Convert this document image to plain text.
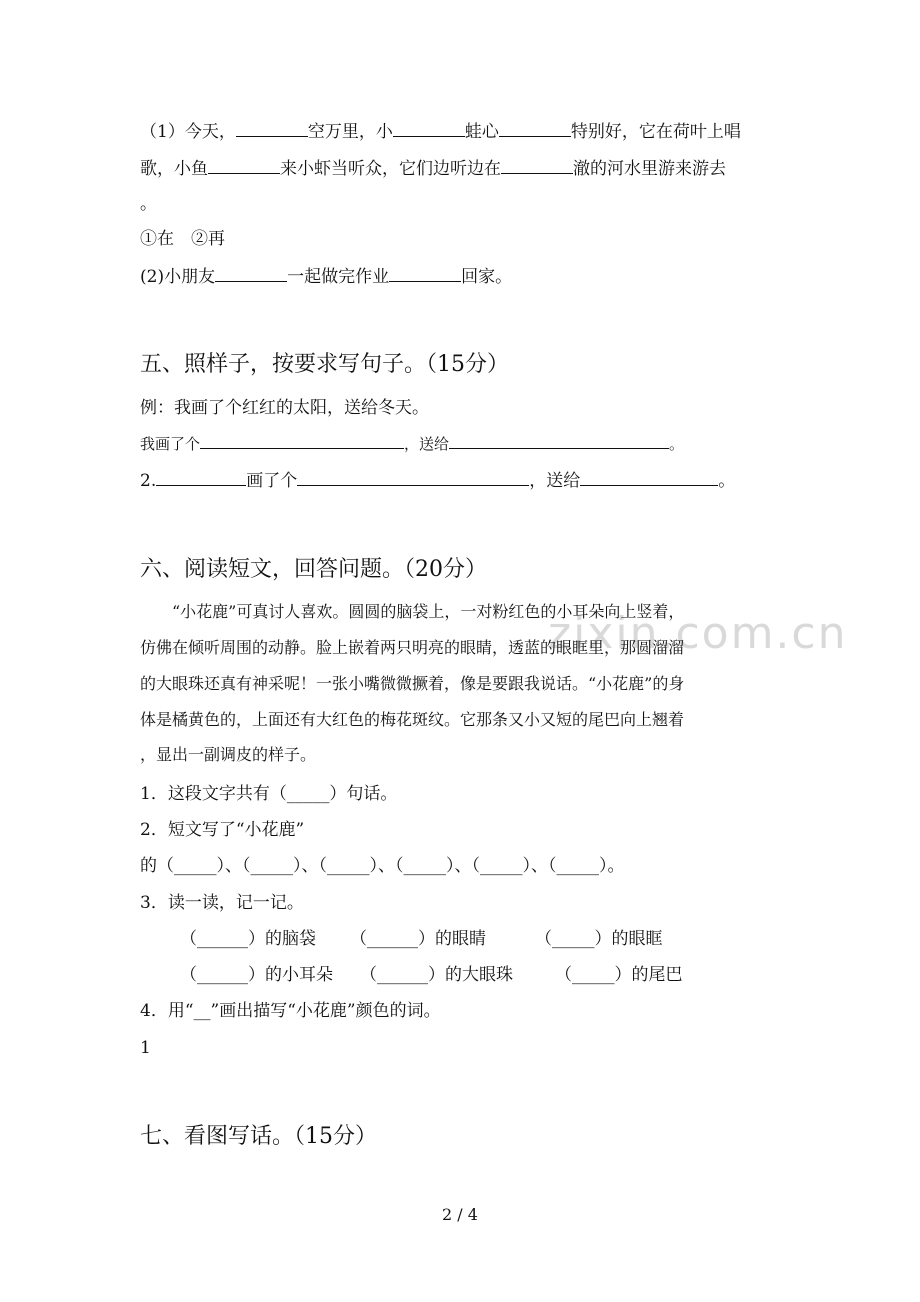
（1）今天，	空万里，小	蛙心	特别好，它在荷叶上唱
歌，小鱼	来小虾当听众，它们边听边在	澈的河水里游来游去
。
①在　②再
(2)小朋友	一起做完作业	回家。
五、照样子，按要求写句子。（15分）
例：我画了个红红的太阳，送给冬天。
我画了个	，送给	。
2.	画了个	，送给	。
六、阅读短文，回答问题。（20分）
zixin.com.cn
“小花鹿”可真讨人喜欢。圆圆的脑袋上，一对粉红色的小耳朵向上竖着，
仿佛在倾听周围的动静。脸上嵌着两只明亮的眼睛，透蓝的眼眶里，那圆溜溜
的大眼珠还真有神采呢！一张小嘴微微撅着，像是要跟我说话。“小花鹿”的身
体是橘黄色的，上面还有大红色的梅花斑纹。它那条又小又短的尾巴向上翘着
，显出一副调皮的样子。
1．这段文字共有（_____）句话。
2．短文写了“小花鹿”
的（_____）、（_____）、（_____）、（_____）、（_____）、（_____）。
3．读一读，记一记。
（______）的脑袋 （______）的眼睛	（_____）的眼眶
（______）的小耳朵 （______）的大眼珠 （_____）的尾巴
4．用“__”画出描写“小花鹿”颜色的词。
1
七、看图写话。（15分）
2 / 4
